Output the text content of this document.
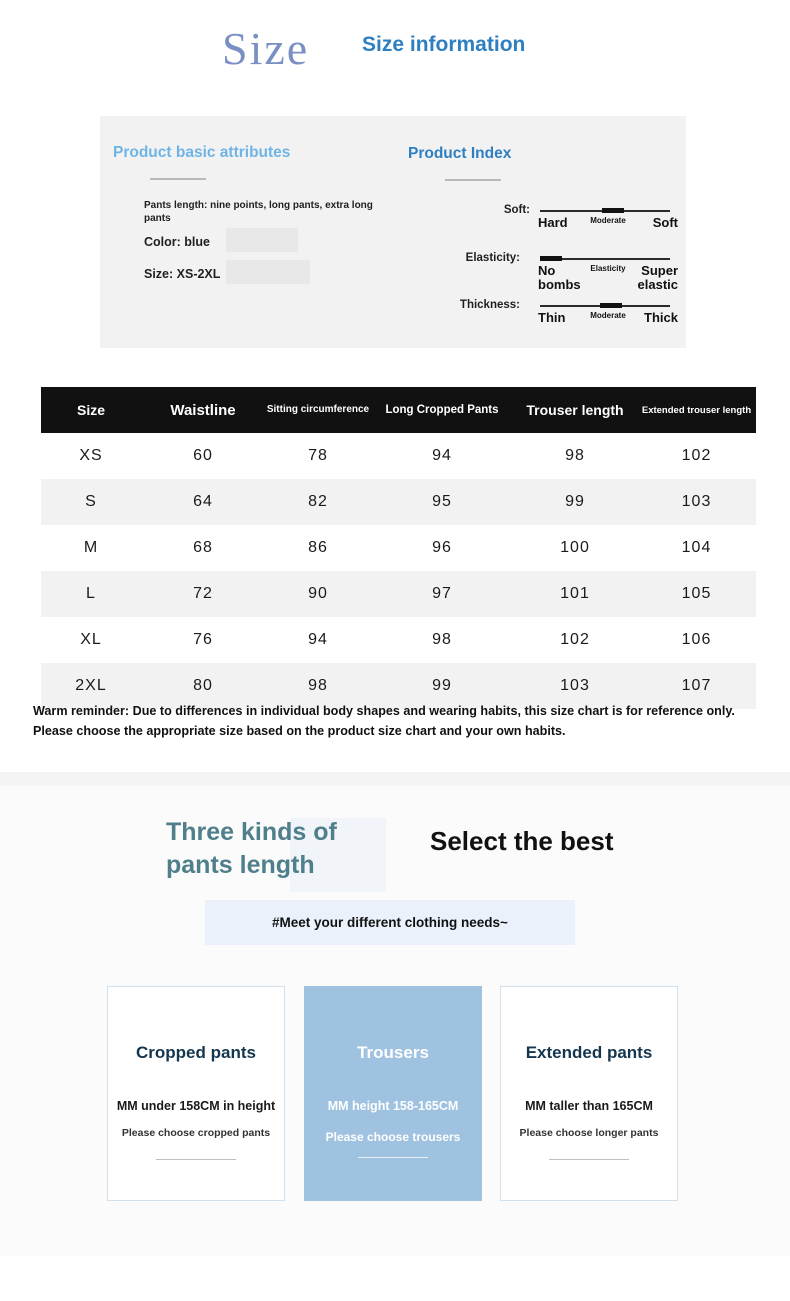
Size	Size information
Product basic attributes
Pants length: nine points, long pants, extra long pants
Color: blue
Size: XS-2XL
Product Index
Soft:
Hard	Moderate	Soft
Elasticity:
No bombs
Elasticity	Super elastic
Thickness:
Thin	Moderate	Thick
Size	Waistline	Sitting circumference	Long Cropped Pants	Trouser length	Extended trouser length
XS	60	78	94	98	102
S	64	82	95	99	103
M	68	86	96	100	104
L	72	90	97	101	105
XL	76	94	98	102	106
2XL	80	98	99	103	107
Warm reminder: Due to differences in individual body shapes and wearing habits, this size chart is for reference only. Please choose the appropriate size based on the product size chart and your own habits.
Three kinds of pants length
Select the best
#Meet your different clothing needs~
Cropped pants
MM under 158CM in height
Please choose cropped pants
Trousers
MM height 158-165CM
Please choose trousers
Extended pants
MM taller than 165CM
Please choose longer pants
